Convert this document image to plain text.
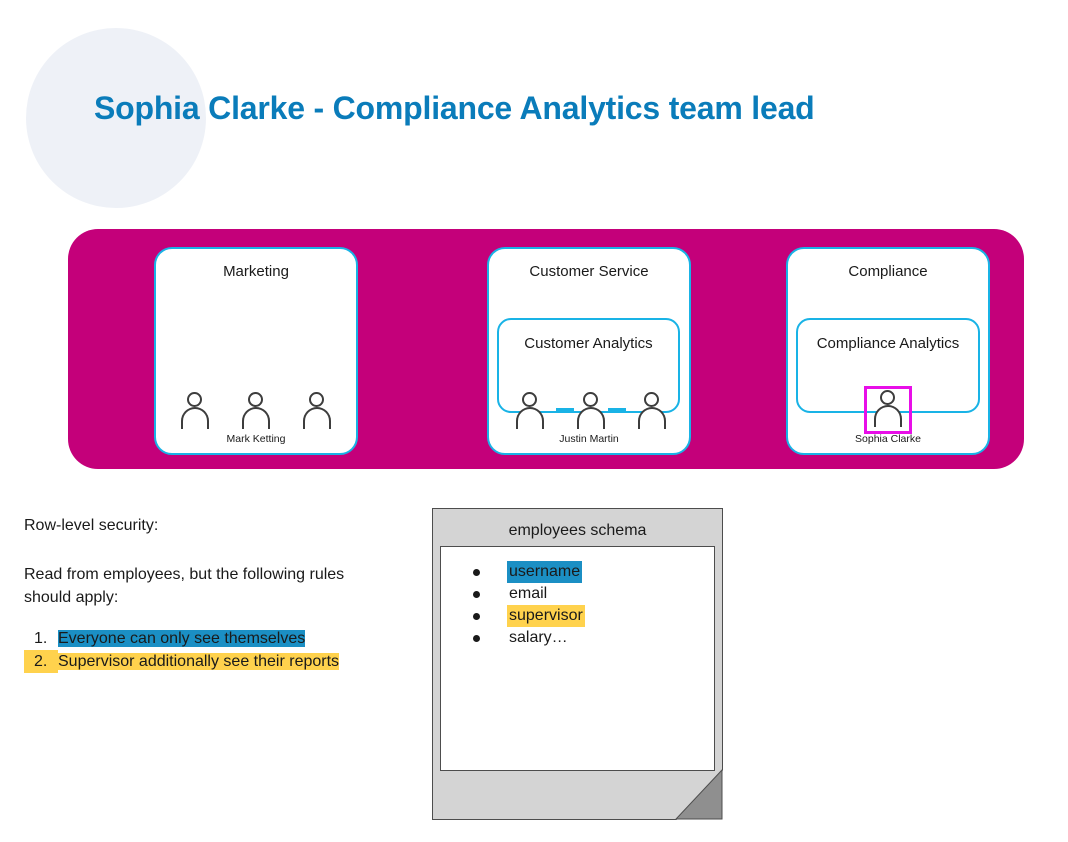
Sophia Clarke - Compliance Analytics team lead
Marketing
Mark Ketting
Customer Service
Justin Martin
Customer Analytics
Compliance
Sophia Clarke
Compliance Analytics
Row-level security:
Read from employees, but the following rules should apply:
1. Everyone can only see themselves
2. Supervisor additionally see their reports
employees schema
username
email
supervisor
salary…
